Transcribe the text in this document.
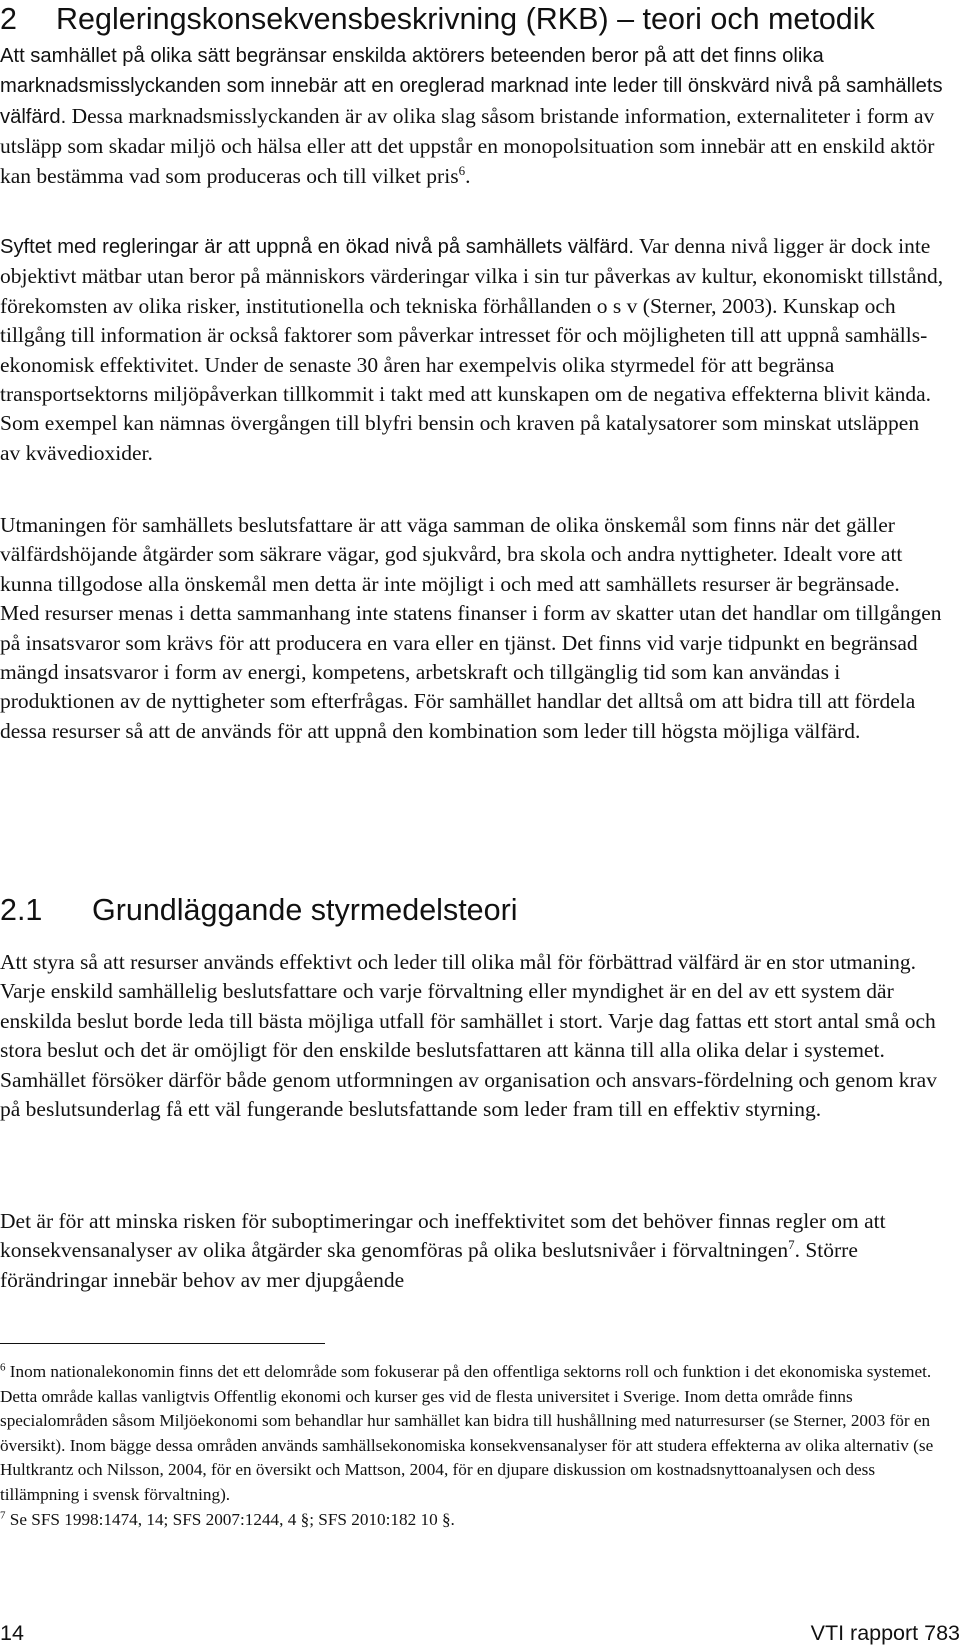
2 Regleringskonsekvensbeskrivning (RKB) – teori och metodik

Att samhället på olika sätt begränsar enskilda aktörers beteenden beror på att det finns olika marknadsmisslyckanden som innebär att en oreglerad marknad inte leder till önskvärd nivå på samhällets välfärd. Dessa marknadsmisslyckanden är av olika slag såsom bristande information, externaliteter i form av utsläpp som skadar miljö och hälsa eller att det uppstår en monopolsituation som innebär att en enskild aktör kan bestämma vad som produceras och till vilket pris$^6$.

Syftet med regleringar är att uppnå en ökad nivå på samhällets välfärd. Var denna nivå ligger är dock inte objektivt mätbar utan beror på människors värderingar vilka i sin tur påverkas av kultur, ekonomiskt tillstånd, förekomsten av olika risker, institutionella och tekniska förhållanden o s v (Sterner, 2003). Kunskap och tillgång till information är också faktorer som påverkar intresset för och möjligheten till att uppnå samhälls-ekonomisk effektivitet. Under de senaste 30 åren har exempelvis olika styrmedel för att begränsa transportsektorns miljöpåverkan tillkommit i takt med att kunskapen om de negativa effekterna blivit kända. Som exempel kan nämnas övergången till blyfri bensin och kraven på katalysatorer som minskat utsläppen av kvävedioxider.

Utmaningen för samhällets beslutsfattare är att väga samman de olika önskemål som finns när det gäller välfärdshöjande åtgärder som säkrare vägar, god sjukvård, bra skola och andra nyttigheter. Idealt vore att kunna tillgodose alla önskemål men detta är inte möjligt i och med att samhällets resurser är begränsade. Med resurser menas i detta sammanhang inte statens finanser i form av skatter utan det handlar om tillgången på insatsvaror som krävs för att producera en vara eller en tjänst. Det finns vid varje tidpunkt en begränsad mängd insatsvaror i form av energi, kompetens, arbetskraft och tillgänglig tid som kan användas i produktionen av de nyttigheter som efterfrågas. För samhället handlar det alltså om att bidra till att fördela dessa resurser så att de används för att uppnå den kombination som leder till högsta möjliga välfärd.

2.1 Grundläggande styrmedelsteori

Att styra så att resurser används effektivt och leder till olika mål för förbättrad välfärd är en stor utmaning. Varje enskild samhällelig beslutsfattare och varje förvaltning eller myndighet är en del av ett system där enskilda beslut borde leda till bästa möjliga utfall för samhället i stort. Varje dag fattas ett stort antal små och stora beslut och det är omöjligt för den enskilde beslutsfattaren att känna till alla olika delar i systemet. Samhället försöker därför både genom utformningen av organisation och ansvars-fördelning och genom krav på beslutsunderlag få ett väl fungerande beslutsfattande som leder fram till en effektiv styrning.

Det är för att minska risken för suboptimeringar och ineffektivitet som det behöver finnas regler om att konsekvensanalyser av olika åtgärder ska genomföras på olika beslutsnivåer i förvaltningen$^7$. Större förändringar innebär behov av mer djupgående

$^6$ Inom nationalekonomin finns det ett delområde som fokuserar på den offentliga sektorns roll och funktion i det ekonomiska systemet. Detta område kallas vanligtvis Offentlig ekonomi och kurser ges vid de flesta universitet i Sverige. Inom detta område finns specialområden såsom Miljöekonomi som behandlar hur samhället kan bidra till hushållning med naturresurser (se Sterner, 2003 för en översikt). Inom bägge dessa områden används samhällsekonomiska konsekvensanalyser för att studera effekterna av olika alternativ (se Hultkrantz och Nilsson, 2004, för en översikt och Mattson, 2004, för en djupare diskussion om kostnadsnyttoanalysen och dess tillämpning i svensk förvaltning).
$^7$ Se SFS 1998:1474, 14; SFS 2007:1244, 4 §; SFS 2010:182 10 §.
14	VTI rapport 783
